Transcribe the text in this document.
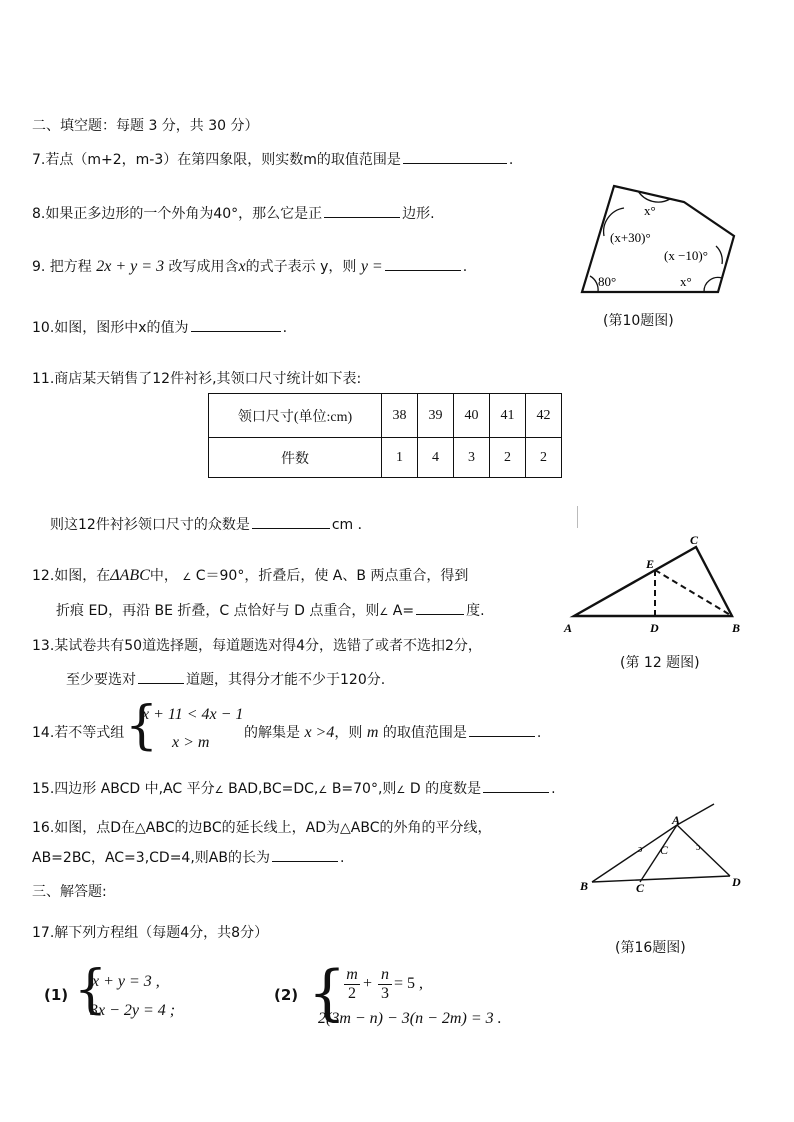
二、填空题：每题 3 分，共 30 分）
7.若点（m+2，m-3）在第四象限，则实数m的取值范围是	.
8.如果正多边形的一个外角为40°，那么它是正	边形.
9. 把方程 2x + y = 3 改写成用含x的式子表示 y，则 y =	.
x°
(x+30)°
(x −10)°
80°	x°
(第10题图)
10.如图，图形中x的值为	.
11.商店某天销售了12件衬衫,其领口尺寸统计如下表:
领口尺寸(单位:cm)	38	39	40	41	42
件数	1	4	3	2	2
则这12件衬衫领口尺寸的众数是	cm ．
A	B
C
D
E
(第 12 题图)
12.如图，在ΔABC中， ∠ C＝90°，折叠后，使 A、B 两点重合，得到
折痕 ED，再沿 BE 折叠，C 点恰好与 D 点重合，则∠ A=	度.
13.某试卷共有50道选择题，每道题选对得4分，选错了或者不选扣2分，
至少要选对	道题，其得分才能不少于120分.
14.若不等式组 {
x + 11 < 4x − 1
x > m
的解集是 x >4，则 m 的取值范围是	.
15.四边形 ABCD 中,AC 平分∠ BAD,BC=DC,∠ B=70°,则∠ D 的度数是	.
B
A
C	D
C
ɔ	ɔ
(第16题图)
16.如图，点D在△ABC的边BC的延长线上，AD为△ABC的外角的平分线，
AB=2BC，AC=3,CD=4,则AB的长为	.
三、解答题:
17.解下列方程组（每题4分，共8分）
(1) {
x + y = 3 ,
3x − 2y = 4 ;
(2) { m
2
+
n
3
= 5 ,
2(3m − n) − 3(n − 2m) = 3 .
